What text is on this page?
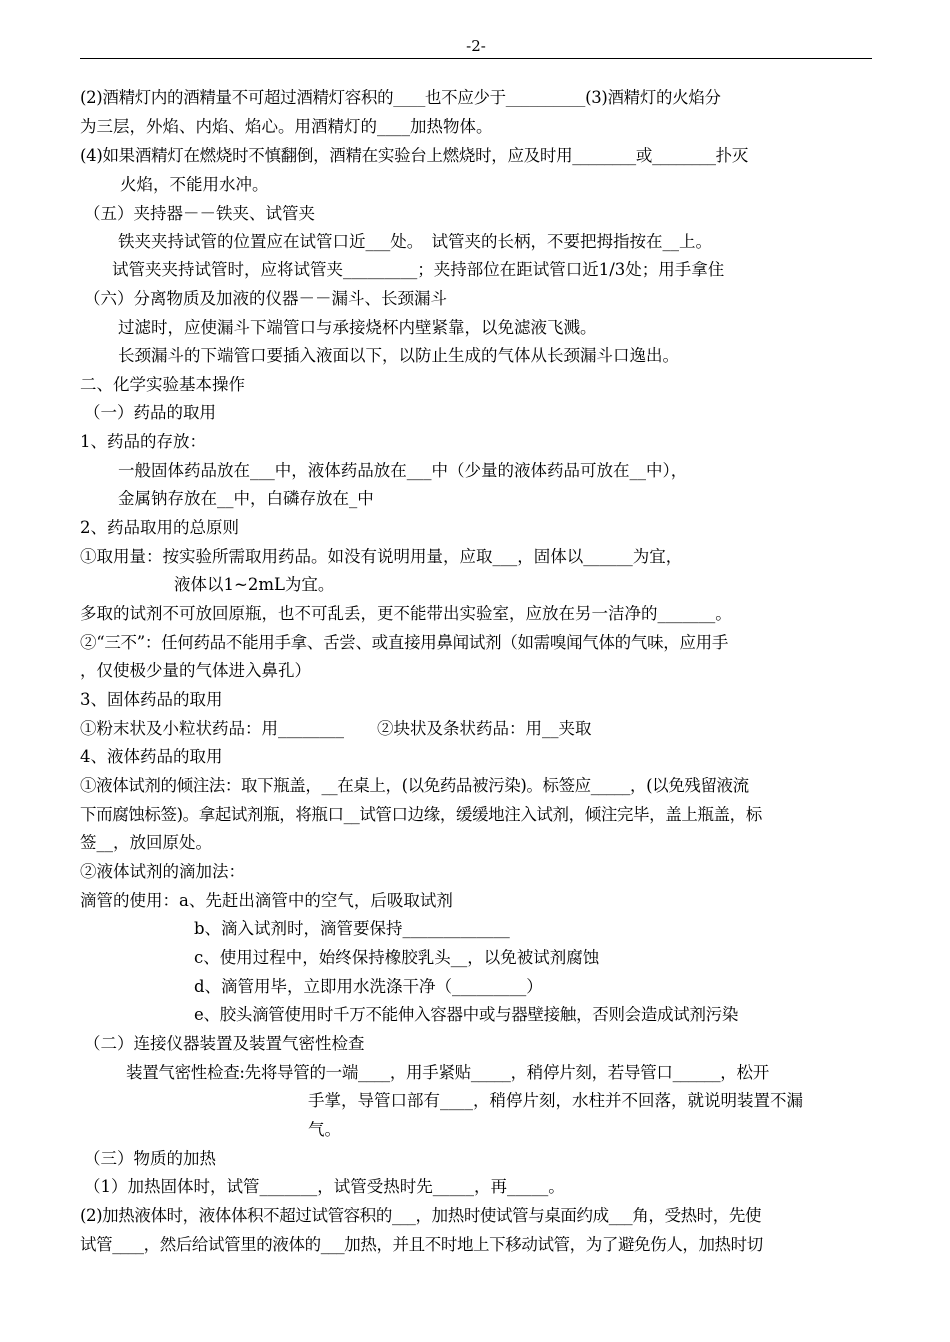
-2-
(2)酒精灯内的酒精量不可超过酒精灯容积的____也不应少于__________(3)酒精灯的火焰分
为三层，外焰、内焰、焰心。用酒精灯的____加热物体。
(4)如果酒精灯在燃烧时不慎翻倒，酒精在实验台上燃烧时，应及时用________或________扑灭
火焰，不能用水冲。
（五）夹持器－－铁夹、试管夹
铁夹夹持试管的位置应在试管口近___处。　试管夹的长柄，不要把拇指按在__上。
试管夹夹持试管时，应将试管夹_________；夹持部位在距试管口近1/3处；用手拿住
（六）分离物质及加液的仪器－－漏斗、长颈漏斗
过滤时，应使漏斗下端管口与承接烧杯内壁紧靠，以免滤液飞溅。
长颈漏斗的下端管口要插入液面以下，以防止生成的气体从长颈漏斗口逸出。
二、化学实验基本操作
（一）药品的取用
1、药品的存放：
一般固体药品放在___中，液体药品放在___中（少量的液体药品可放在__中），
金属钠存放在__中，白磷存放在_中
2、药品取用的总原则
①取用量：按实验所需取用药品。如没有说明用量，应取___，固体以______为宜，
液体以1~2mL为宜。
多取的试剂不可放回原瓶，也不可乱丢，更不能带出实验室，应放在另一洁净的_______。
②“三不”：任何药品不能用手拿、舌尝、或直接用鼻闻试剂（如需嗅闻气体的气味，应用手
，仅使极少量的气体进入鼻孔）
3、固体药品的取用
①粉末状及小粒状药品：用________　　②块状及条状药品：用__夹取
4、液体药品的取用
①液体试剂的倾注法：取下瓶盖，__在桌上，(以免药品被污染)。标签应_____，(以免残留液流
下而腐蚀标签)。拿起试剂瓶，将瓶口__试管口边缘，缓缓地注入试剂，倾注完毕，盖上瓶盖，标
签__，放回原处。
②液体试剂的滴加法：
滴管的使用：a、先赶出滴管中的空气，后吸取试剂
b、滴入试剂时，滴管要保持_____________
c、使用过程中，始终保持橡胶乳头__，以免被试剂腐蚀
d、滴管用毕，立即用水洗涤干净（_________）
e、胶头滴管使用时千万不能伸入容器中或与器壁接触，否则会造成试剂污染
（二）连接仪器装置及装置气密性检查
装置气密性检查:先将导管的一端____，用手紧贴_____，稍停片刻，若导管口______，松开
手掌，导管口部有____，稍停片刻，水柱并不回落，就说明装置不漏
气。
（三）物质的加热
（1）加热固体时，试管_______，试管受热时先_____，再_____。
(2)加热液体时，液体体积不超过试管容积的___，加热时使试管与桌面约成___角，受热时，先使
试管____，然后给试管里的液体的___加热，并且不时地上下移动试管，为了避免伤人，加热时切
